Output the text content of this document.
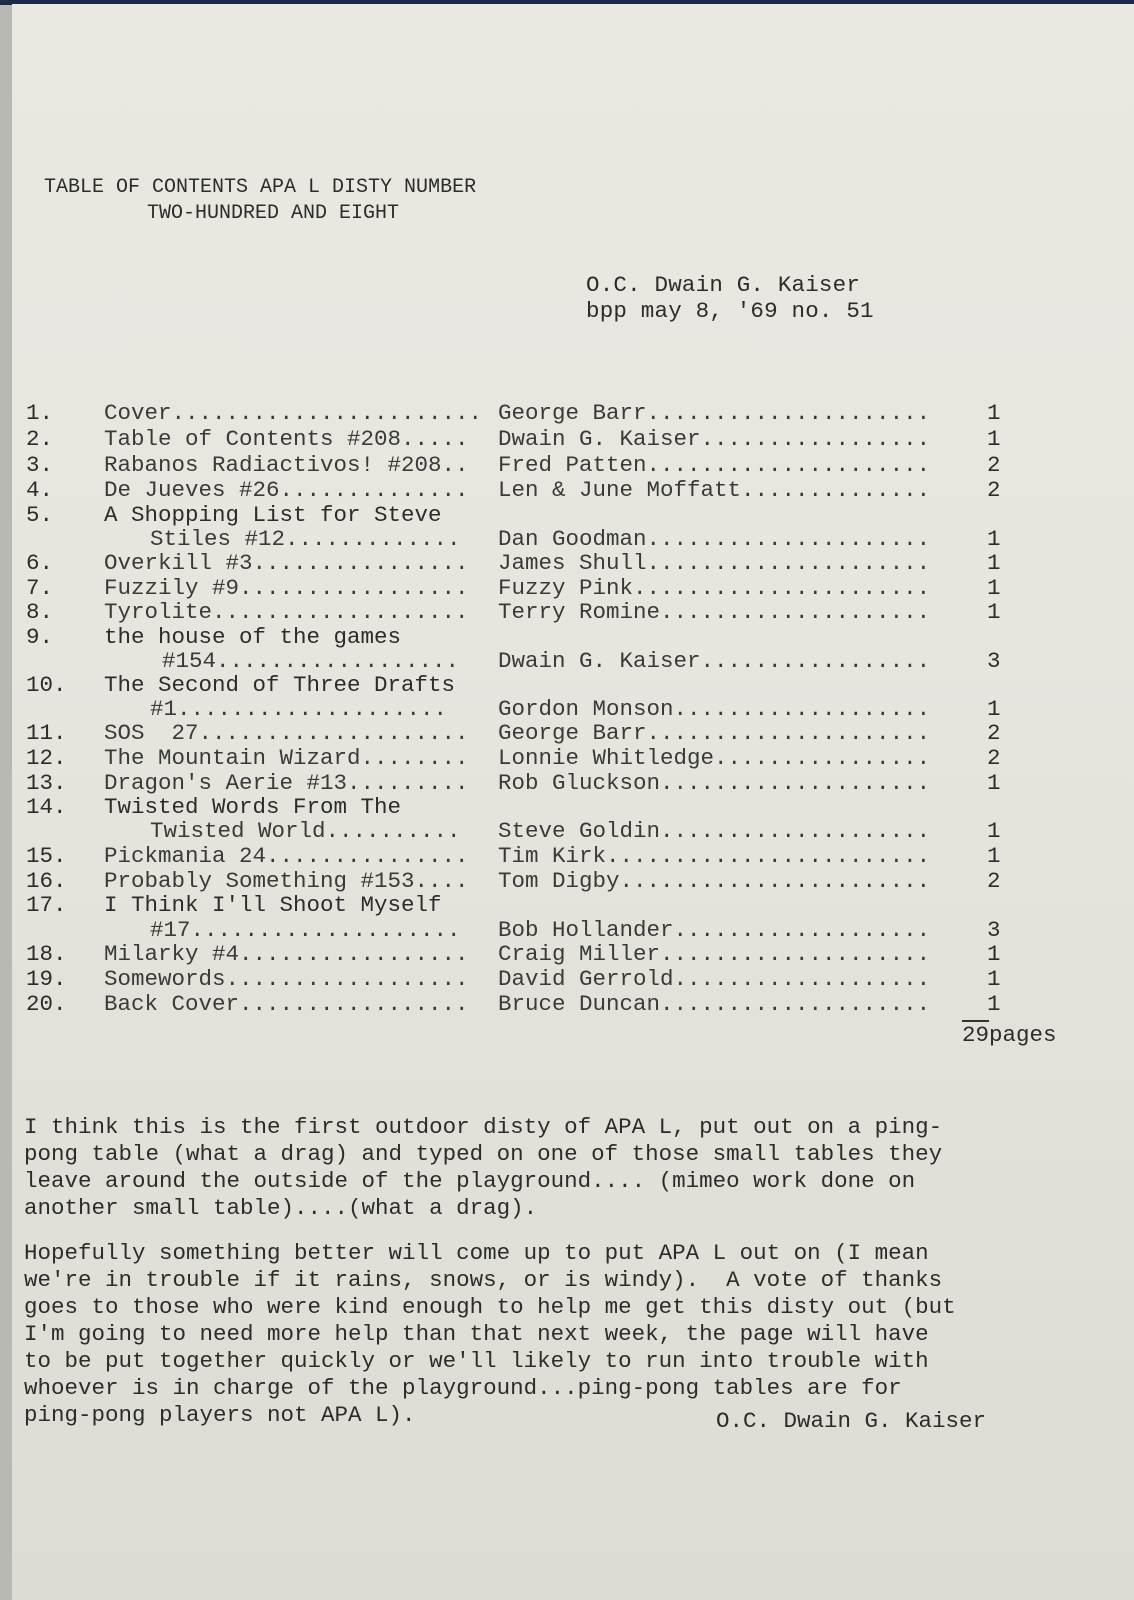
TABLE OF CONTENTS APA L DISTY NUMBER
TWO-HUNDRED AND EIGHT
O.C. Dwain G. Kaiser
bpp may 8, '69 no. 51
1.	Cover....................... George Barr.....................	1
2.	Table of Contents #208..... Dwain G. Kaiser.................	1
3.	Rabanos Radiactivos! #208.. Fred Patten.....................	2
4.	De Jueves #26.............. Len & June Moffatt..............	2
5.	A Shopping List for Steve
Stiles #12............. Dan Goodman.....................	1
6.	Overkill #3................ James Shull.....................	1
7.	Fuzzily #9................. Fuzzy Pink......................	1
8.	Tyrolite................... Terry Romine....................	1
9.	the house of the games
#154.................. Dwain G. Kaiser.................	3
10.	The Second of Three Drafts
#1.................... Gordon Monson...................	1
11.	SOS  27.................... George Barr.....................	2
12.	The Mountain Wizard........ Lonnie Whitledge................	2
13.	Dragon's Aerie #13......... Rob Gluckson....................	1
14.	Twisted Words From The
Twisted World.......... Steve Goldin....................	1
15.	Pickmania 24............... Tim Kirk........................	1
16.	Probably Something #153.... Tom Digby.......................	2
17.	I Think I'll Shoot Myself
#17.................... Bob Hollander...................	3
18.	Milarky #4................. Craig Miller....................	1
19.	Somewords.................. David Gerrold...................	1
20.	Back Cover................. Bruce Duncan....................	1
29pages
I think this is the first outdoor disty of APA L, put out on a ping-
pong table (what a drag) and typed on one of those small tables they
leave around the outside of the playground.... (mimeo work done on
another small table)....(what a drag).
Hopefully something better will come up to put APA L out on (I mean
we're in trouble if it rains, snows, or is windy).  A vote of thanks
goes to those who were kind enough to help me get this disty out (but
I'm going to need more help than that next week, the page will have
to be put together quickly or we'll likely to run into trouble with
whoever is in charge of the playground...ping-pong tables are for
ping-pong players not APA L).	O.C. Dwain G. Kaiser
